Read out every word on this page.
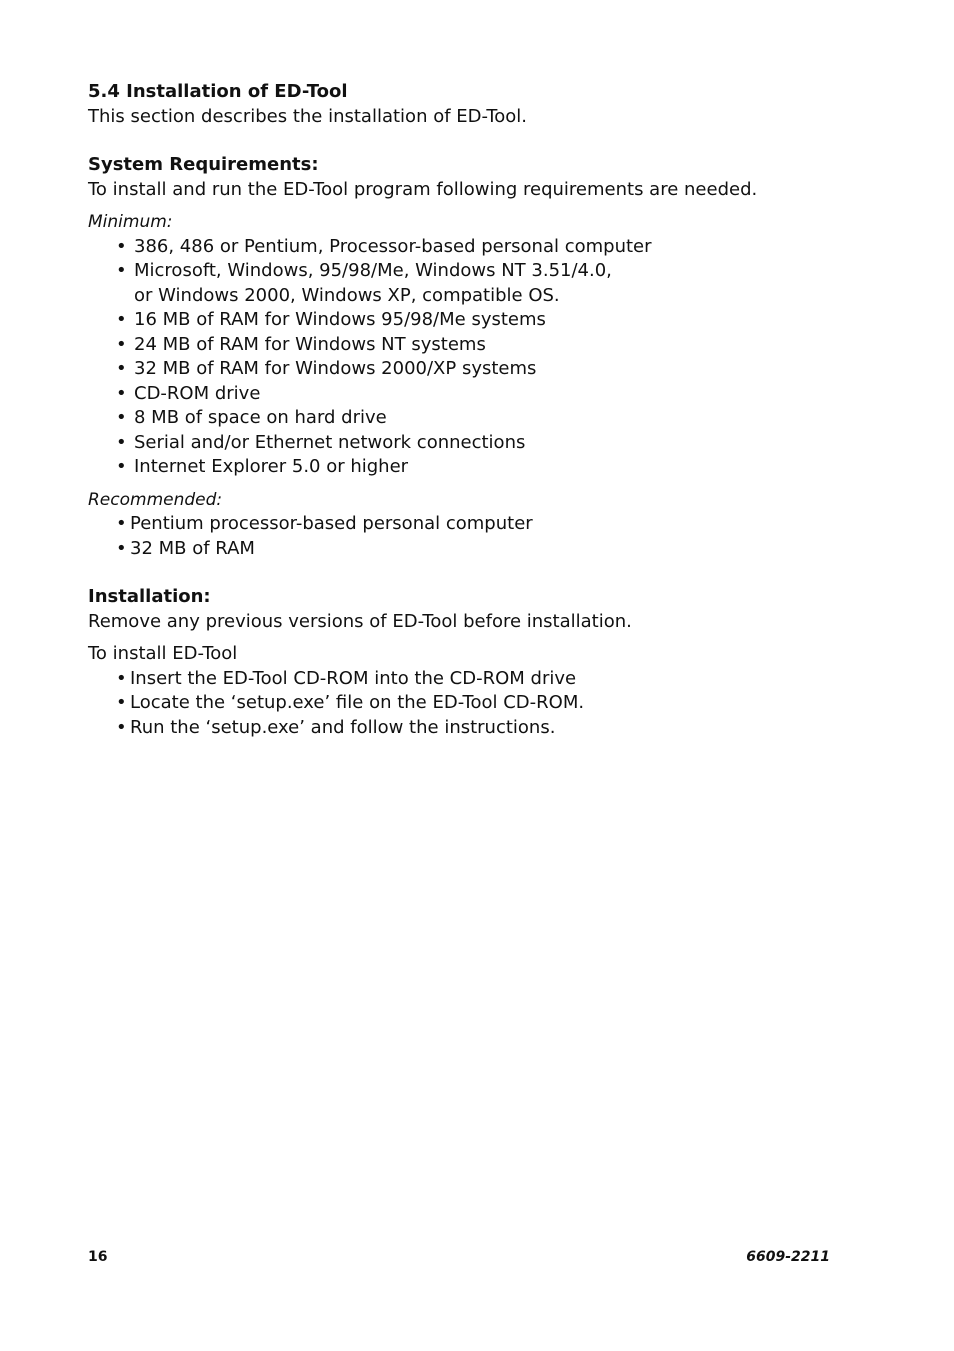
5.4 Installation of ED-Tool

This section describes the installation of ED-Tool.

System Requirements:

To install and run the ED-Tool program following requirements are needed.

Minimum:

• 386, 486 or Pentium, Processor-based personal computer
• Microsoft, Windows, 95/98/Me, Windows NT 3.51/4.0,
or Windows 2000, Windows XP, compatible OS.
• 16 MB of RAM for Windows 95/98/Me systems
• 24 MB of RAM for Windows NT systems
• 32 MB of RAM for Windows 2000/XP systems
• CD-ROM drive
• 8 MB of space on hard drive
• Serial and/or Ethernet network connections
• Internet Explorer 5.0 or higher

Recommended:

• Pentium processor-based personal computer
• 32 MB of RAM

Installation:

Remove any previous versions of ED-Tool before installation.

To install ED-Tool

• Insert the ED-Tool CD-ROM into the CD-ROM drive
• Locate the ‘setup.exe’ file on the ED-Tool CD-ROM.
• Run the ‘setup.exe’ and follow the instructions.
16	6609-2211
